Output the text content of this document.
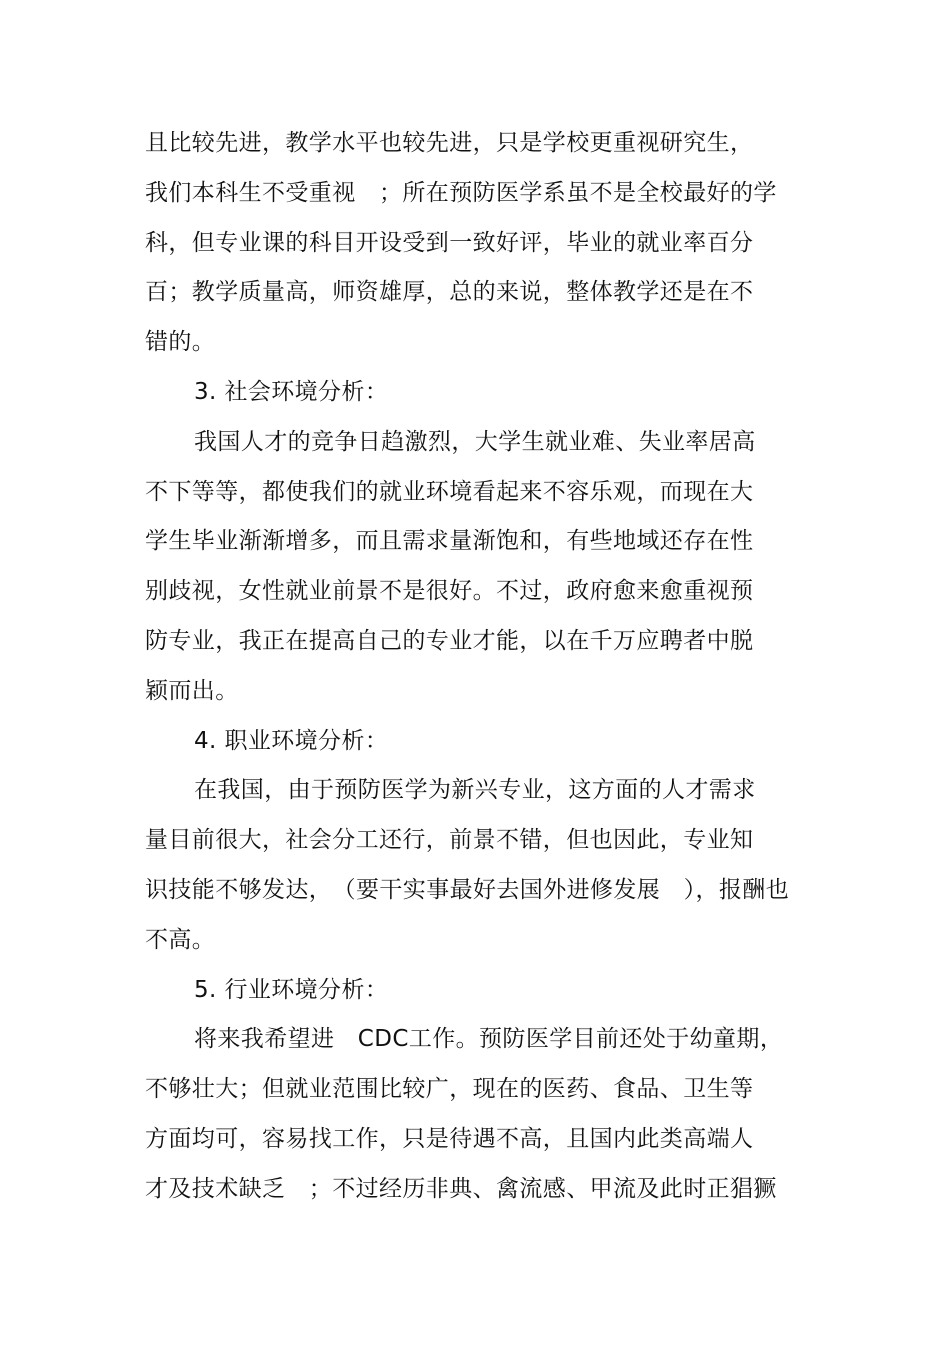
且比较先进，教学水平也较先进，只是学校更重视研究生，
我们本科生不受重视　；所在预防医学系虽不是全校最好的学
科，但专业课的科目开设受到一致好评，毕业的就业率百分
百；教学质量高，师资雄厚，总的来说，整体教学还是在不
错的。
3. 社会环境分析：
我国人才的竞争日趋激烈，大学生就业难、失业率居高
不下等等，都使我们的就业环境看起来不容乐观，而现在大
学生毕业渐渐增多，而且需求量渐饱和，有些地域还存在性
别歧视，女性就业前景不是很好。不过，政府愈来愈重视预
防专业，我正在提高自己的专业才能，以在千万应聘者中脱
颖而出。
4. 职业环境分析：
在我国，由于预防医学为新兴专业，这方面的人才需求
量目前很大，社会分工还行，前景不错，但也因此，专业知
识技能不够发达，　（要干实事最好去国外进修发展　），报酬也
不高。
5. 行业环境分析：
将来我希望进　CDC工作。预防医学目前还处于幼童期，
不够壮大；但就业范围比较广，现在的医药、食品、卫生等
方面均可，容易找工作，只是待遇不高，且国内此类高端人
才及技术缺乏　；不过经历非典、禽流感、甲流及此时正猖獗
